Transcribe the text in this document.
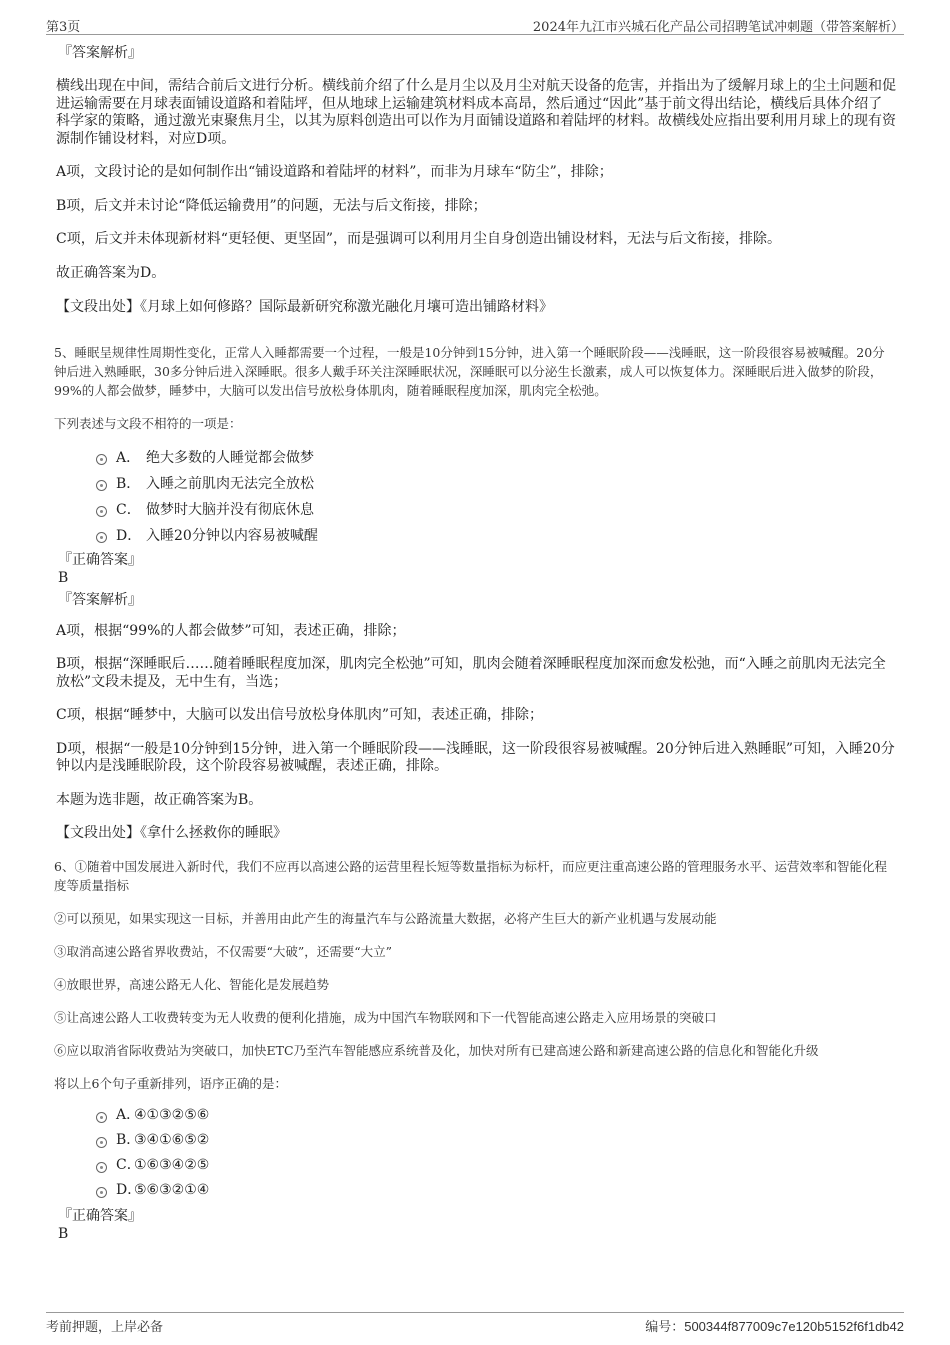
第3页	2024年九江市兴城石化产品公司招聘笔试冲刺题（带答案解析）

『答案解析』

横线出现在中间，需结合前后文进行分析。横线前介绍了什么是月尘以及月尘对航天设备的危害，并指出为了缓解月球上的尘土问题和促进运输需要在月球表面铺设道路和着陆坪，但从地球上运输建筑材料成本高昂，然后通过“因此”基于前文得出结论，横线后具体介绍了科学家的策略，通过激光束聚焦月尘，以其为原料创造出可以作为月面铺设道路和着陆坪的材料。故横线处应指出要利用月球上的现有资源制作铺设材料，对应D项。

A项，文段讨论的是如何制作出“铺设道路和着陆坪的材料”，而非为月球车“防尘”，排除；

B项，后文并未讨论“降低运输费用”的问题，无法与后文衔接，排除；

C项，后文并未体现新材料“更轻便、更坚固”，而是强调可以利用月尘自身创造出铺设材料，无法与后文衔接，排除。

故正确答案为D。

【文段出处】《月球上如何修路？国际最新研究称激光融化月壤可造出铺路材料》

5、睡眠呈规律性周期性变化，正常人入睡都需要一个过程，一般是10分钟到15分钟，进入第一个睡眠阶段——浅睡眠，这一阶段很容易被喊醒。20分钟后进入熟睡眠，30多分钟后进入深睡眠。很多人戴手环关注深睡眠状况，深睡眠可以分泌生长激素，成人可以恢复体力。深睡眠后进入做梦的阶段，99%的人都会做梦，睡梦中，大脑可以发出信号放松身体肌肉，随着睡眠程度加深，肌肉完全松弛。

下列表述与文段不相符的一项是：

A． 绝大多数的人睡觉都会做梦
B． 入睡之前肌肉无法完全放松
C． 做梦时大脑并没有彻底休息
D． 入睡20分钟以内容易被喊醒

『正确答案』

B

『答案解析』

A项，根据“99%的人都会做梦”可知，表述正确，排除；

B项，根据“深睡眠后……随着睡眠程度加深，肌肉完全松弛”可知，肌肉会随着深睡眠程度加深而愈发松弛，而“入睡之前肌肉无法完全放松”文段未提及，无中生有，当选；

C项，根据“睡梦中，大脑可以发出信号放松身体肌肉”可知，表述正确，排除；

D项，根据“一般是10分钟到15分钟，进入第一个睡眠阶段——浅睡眠，这一阶段很容易被喊醒。20分钟后进入熟睡眠”可知，入睡20分钟以内是浅睡眠阶段，这个阶段容易被喊醒，表述正确，排除。

本题为选非题，故正确答案为B。

【文段出处】《拿什么拯救你的睡眠》

6、①随着中国发展进入新时代，我们不应再以高速公路的运营里程长短等数量指标为标杆，而应更注重高速公路的管理服务水平、运营效率和智能化程度等质量指标

②可以预见，如果实现这一目标，并善用由此产生的海量汽车与公路流量大数据，必将产生巨大的新产业机遇与发展动能

③取消高速公路省界收费站，不仅需要“大破”，还需要“大立”

④放眼世界，高速公路无人化、智能化是发展趋势

⑤让高速公路人工收费转变为无人收费的便利化措施，成为中国汽车物联网和下一代智能高速公路走入应用场景的突破口

⑥应以取消省际收费站为突破口，加快ETC乃至汽车智能感应系统普及化，加快对所有已建高速公路和新建高速公路的信息化和智能化升级

将以上6个句子重新排列，语序正确的是：

A．④①③②⑤⑥
B．③④①⑥⑤②
C．①⑥③④②⑤
D．⑤⑥③②①④

『正确答案』

B

考前押题，上岸必备	编号：500344f877009c7e120b5152f6f1db42
